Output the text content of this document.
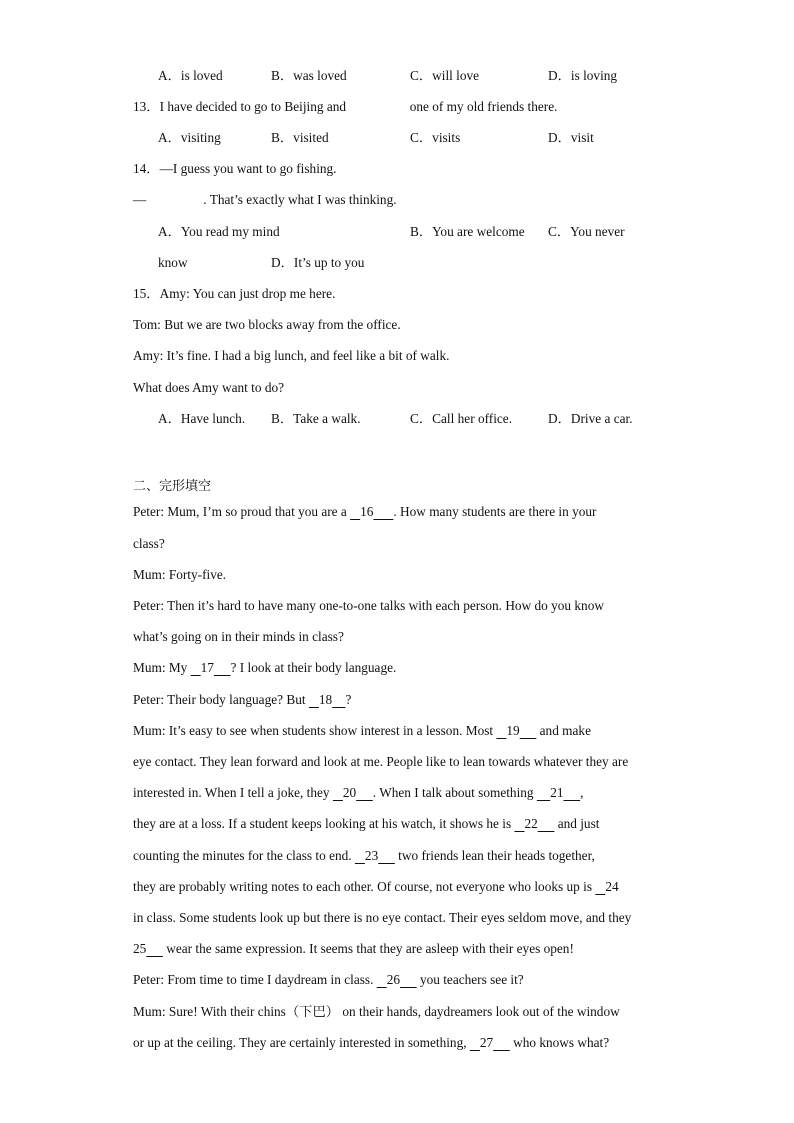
A．is loved	B．was loved	C．will love	D．is loving
13．I have decided to go to Beijing and	one of my old friends there.
A．visiting	B．visited	C．visits	D．visit
14．—I guess you want to go fishing.
—	. That’s exactly what I was thinking.
A．You read my mind	B．You are welcome C．You never
know	D．It’s up to you
15．Amy: You can just drop me here.
Tom: But we are two blocks away from the office.
Amy: It’s fine. I had a big lunch, and feel like a bit of walk.
What does Amy want to do?
A．Have lunch. B．Take a walk.	C．Call her office.	D．Drive a car.
二、完形填空
Peter: Mum, I’m so proud that you are a    16 . How many students are there in your
class?
Mum: Forty-five.
Peter: Then it’s hard to have many one-to-one talks with each person. How do you know
what’s going on in their minds in class?
Mum: My    17 ? I look at their body language.
Peter: Their body language? But    18 ?
Mum: It’s easy to see when students show interest in a lesson. Most    19      and make
eye contact. They lean forward and look at me. People like to lean towards whatever they are
interested in. When I tell a joke, they    20 . When I talk about something     21 ,
they are at a loss. If a student keeps looking at his watch, it shows he is    22      and just
counting the minutes for the class to end.    23      two friends lean their heads together,
they are probably writing notes to each other. Of course, not everyone who looks up is    24
in class. Some students look up but there is no eye contact. Their eyes seldom move, and they
25      wear the same expression. It seems that they are asleep with their eyes open!
Peter: From time to time I daydream in class.    26      you teachers see it?
Mum: Sure! With their chins（下巴） on their hands, daydreamers look out of the window
or up at the ceiling. They are certainly interested in something,    27      who knows what?
